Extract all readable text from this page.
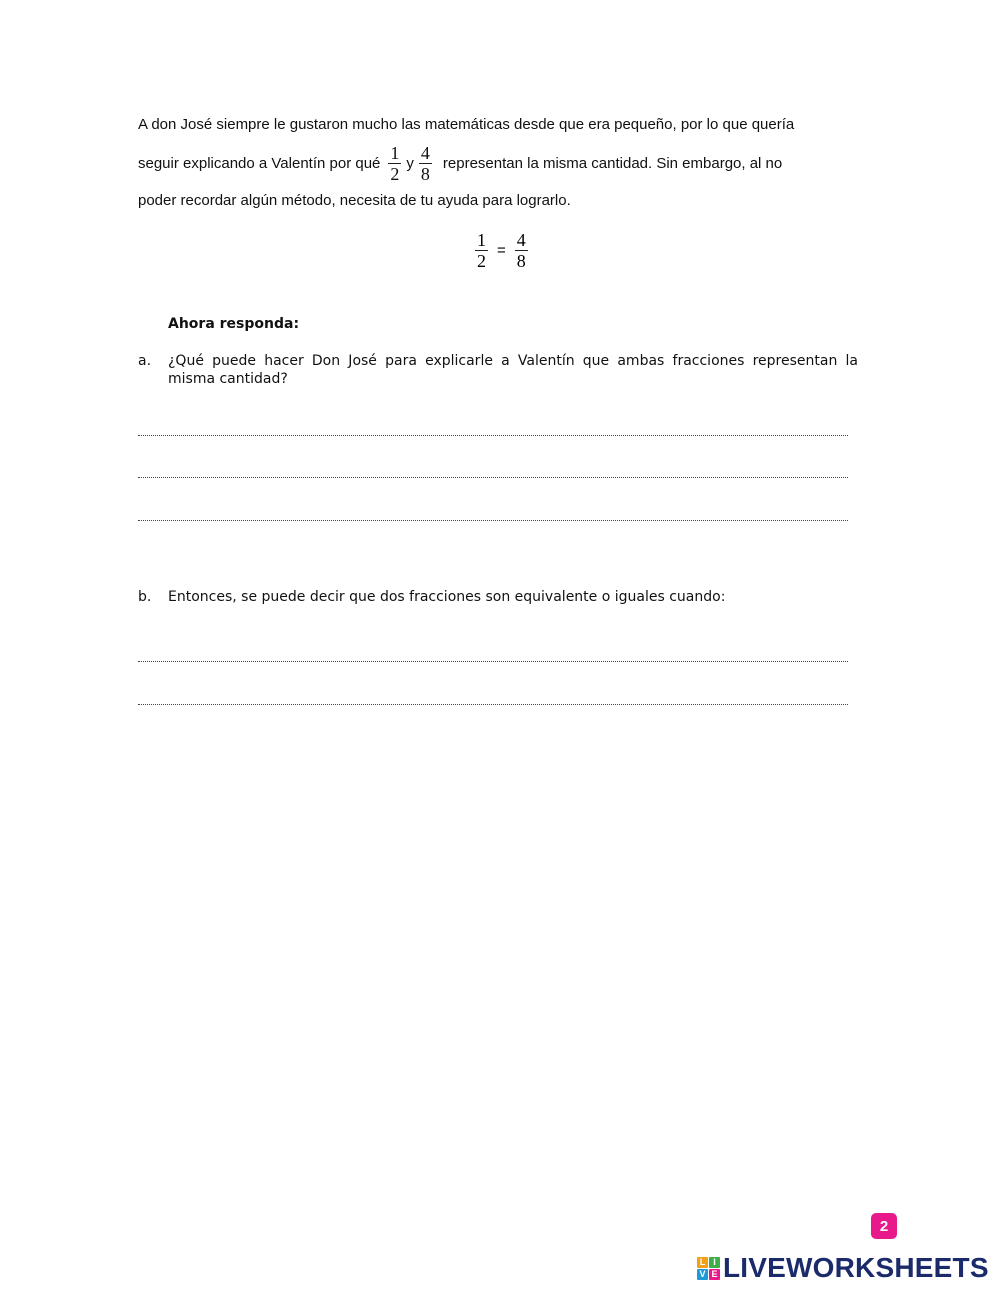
A don José siempre le gustaron mucho las matemáticas desde que era pequeño, por lo que quería
seguir explicando a Valentín por qué $\frac{1}{2}$ y $\frac{4}{8}$ representan la misma cantidad. Sin embargo, al no
poder recordar algún método, necesita de tu ayuda para lograrlo.
$\frac{1}{2} = \frac{4}{8}$
Ahora responda:
a.	¿Qué puede hacer Don José para explicarle a Valentín que ambas fracciones representan la misma cantidad?
b.	Entonces, se puede decir que dos fracciones son equivalente o iguales cuando:
2
L I
V E LIVEWORKSHEETS
